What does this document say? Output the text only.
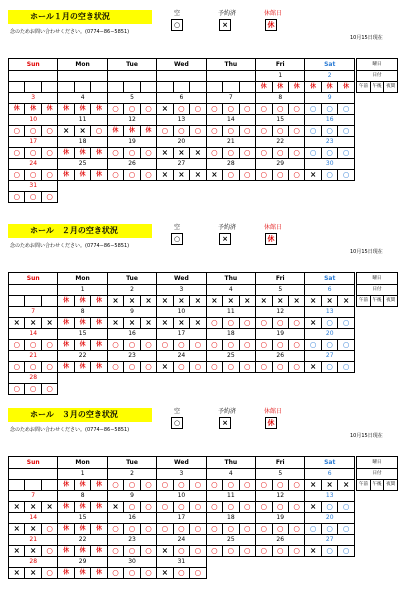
ホール１月の空き状況
念のためお問い合わせください。(0774−86−5851)
空
○
予約済
×
休館日
休
10月15日現在
Sun			Mon			Tue			Wed			Thu			Fri			Sat		
															1			2		
															休	休	休	休	休	休
3			4			5			6			7			8			9		
休	休	休	休	休	休	○	○	○	×	○	○	○	○	○	○	○	○	○	○	○
10			11			12			13			14			15			16		
○	○	○	×	×	○	休	休	休	○	○	○	○	○	○	○	○	○	○	○	○
17			18			19			20			21			22			23		
○	○	○	休	休	休	○	○	○	×	×	×	○	○	○	○	○	○	○	○	○
24			25			26			27			28			29			30		
○	○	○	休	休	休	○	○	○	×	×	×	×	○	○	○	○	○	×	○	○
31																				
○	○	○																		
曜日
日付
午前	午後	夜間
ホール　２月の空き状況
念のためお問い合わせください。(0774−86−5851)
空
○
予約済
×
休館日
休
10月15日現在
Sun			Mon			Tue			Wed			Thu			Fri			Sat		
			1			2			3			4			5			6		
			休	休	休	×	×	×	×	×	×	×	×	×	×	×	×	×	×	×
7			8			9			10			11			12			13		
×	×	×	休	休	休	×	×	×	×	×	×	○	○	○	○	○	○	×	○	○
14			15			16			17			18			19			20		
○	○	○	休	休	休	○	○	○	○	○	○	○	○	○	○	○	○	○	○	○
21			22			23			24			25			26			27		
○	○	○	休	休	休	○	○	○	×	○	○	○	○	○	○	○	○	×	○	○
28																				
○	○	○																		
曜日
日付
午前	午後	夜間
ホール　３月の空き状況
念のためお問い合わせください。(0774−86−5851)
空
○
予約済
×
休館日
休
10月15日現在
Sun			Mon			Tue			Wed			Thu			Fri			Sat		
			1			2			3			4			5			6		
			休	休	休	○	○	○	○	○	○	○	○	○	○	○	○	×	×	×
7			8			9			10			11			12			13		
×	×	×	休	休	休	×	○	○	○	○	○	○	○	○	○	○	○	×	○	○
14			15			16			17			18			19			20		
×	×	○	休	休	休	○	○	○	○	○	○	○	○	○	○	○	○	○	○	○
21			22			23			24			25			26			27		
×	×	○	休	休	休	○	○	○	×	○	○	○	○	○	○	○	○	×	○	○
28			29			30			31											
×	×	○	休	休	休	○	○	○	×	○	○									
曜日
日付
午前	午後	夜間
